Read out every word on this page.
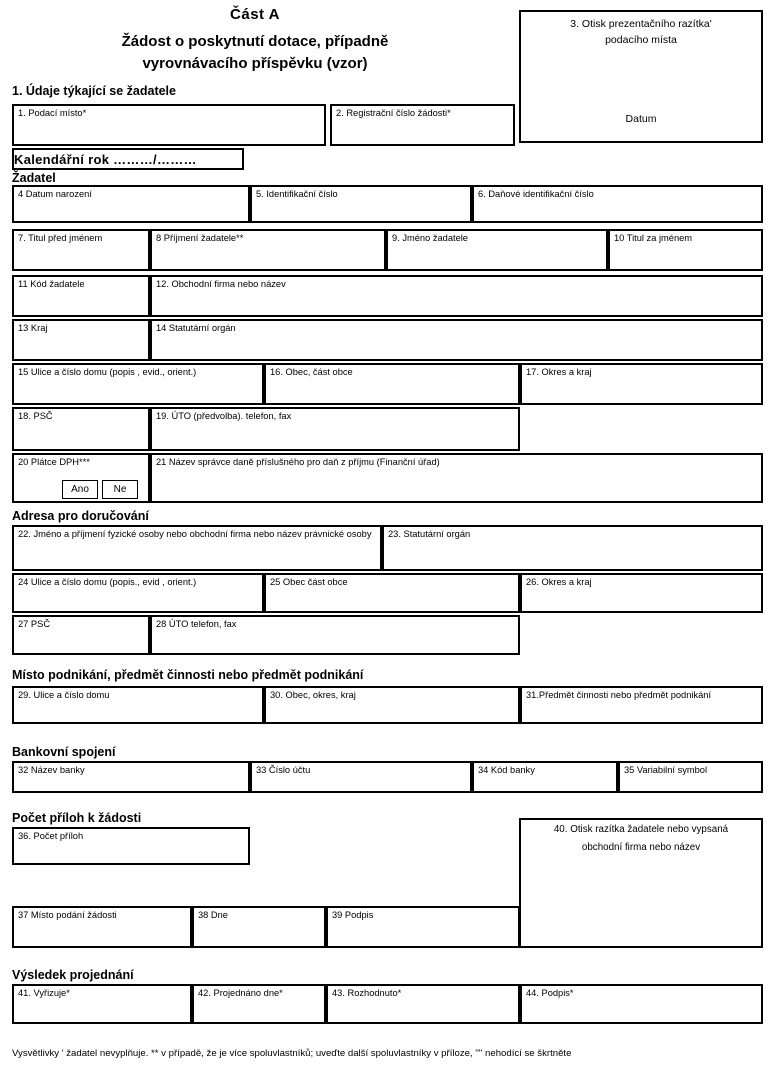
Část A
Žádost o poskytnutí dotace, případně
vyrovnávacího příspěvku (vzor)
3. Otisk prezentačního razítka'
podacího místa
Datum
1. Údaje týkající se žadatele
1. Podací místo*	2. Registrační číslo žádosti*
Kalendářní rok ………/………
Žadatel
4 Datum narození	5. Identifikační číslo	6. Daňové identifikační číslo
7. Titul před jménem	8 Příjmení žadatele**	9. Jméno žadatele	10 Titul za jménem
11 Kód žadatele	12. Obchodní firma nebo název
13 Kraj	14 Statutární orgán
15 Ulice a číslo domu (popis , evid., orient.)	16. Obec, část obce	17. Okres a kraj
18. PSČ	19. ÚTO (předvolba). telefon, fax
20 Plátce DPH***
Ano	Ne
21 Název správce daně příslušného pro daň z příjmu (Finanční úřad)
Adresa pro doručování
22. Jméno a příjmení fyzické osoby nebo obchodní firma nebo název právnické osoby	23. Statutární orgán
24 Ulice a číslo domu (popis., evid , orient.)	25 Obec část obce	26. Okres a kraj
27 PSČ	28 ÚTO telefon, fax
Místo podnikání, předmět činnosti nebo předmět podnikání
29. Ulice a číslo domu	30. Obec, okres, kraj	31.Předmět činnosti nebo předmět podnikání
Bankovní spojení
32 Název banky	33 Číslo účtu	34 Kód banky	35 Variabilní symbol
Počet příloh k žádosti
36. Počet příloh
40. Otisk razítka žadatele nebo vypsaná
obchodní firma nebo název
37 Místo podání žádosti	38 Dne	39 Podpis
Výsledek projednání
41. Vyřizuje*	42. Projednáno dne*	43. Rozhodnuto*	44. Podpis*
Vysvětlivky ' žadatel nevyplňuje. ** v případě, že je více spoluvlastníků; uveďte další spoluvlastníky v příloze, '"' nehodící se škrtněte
